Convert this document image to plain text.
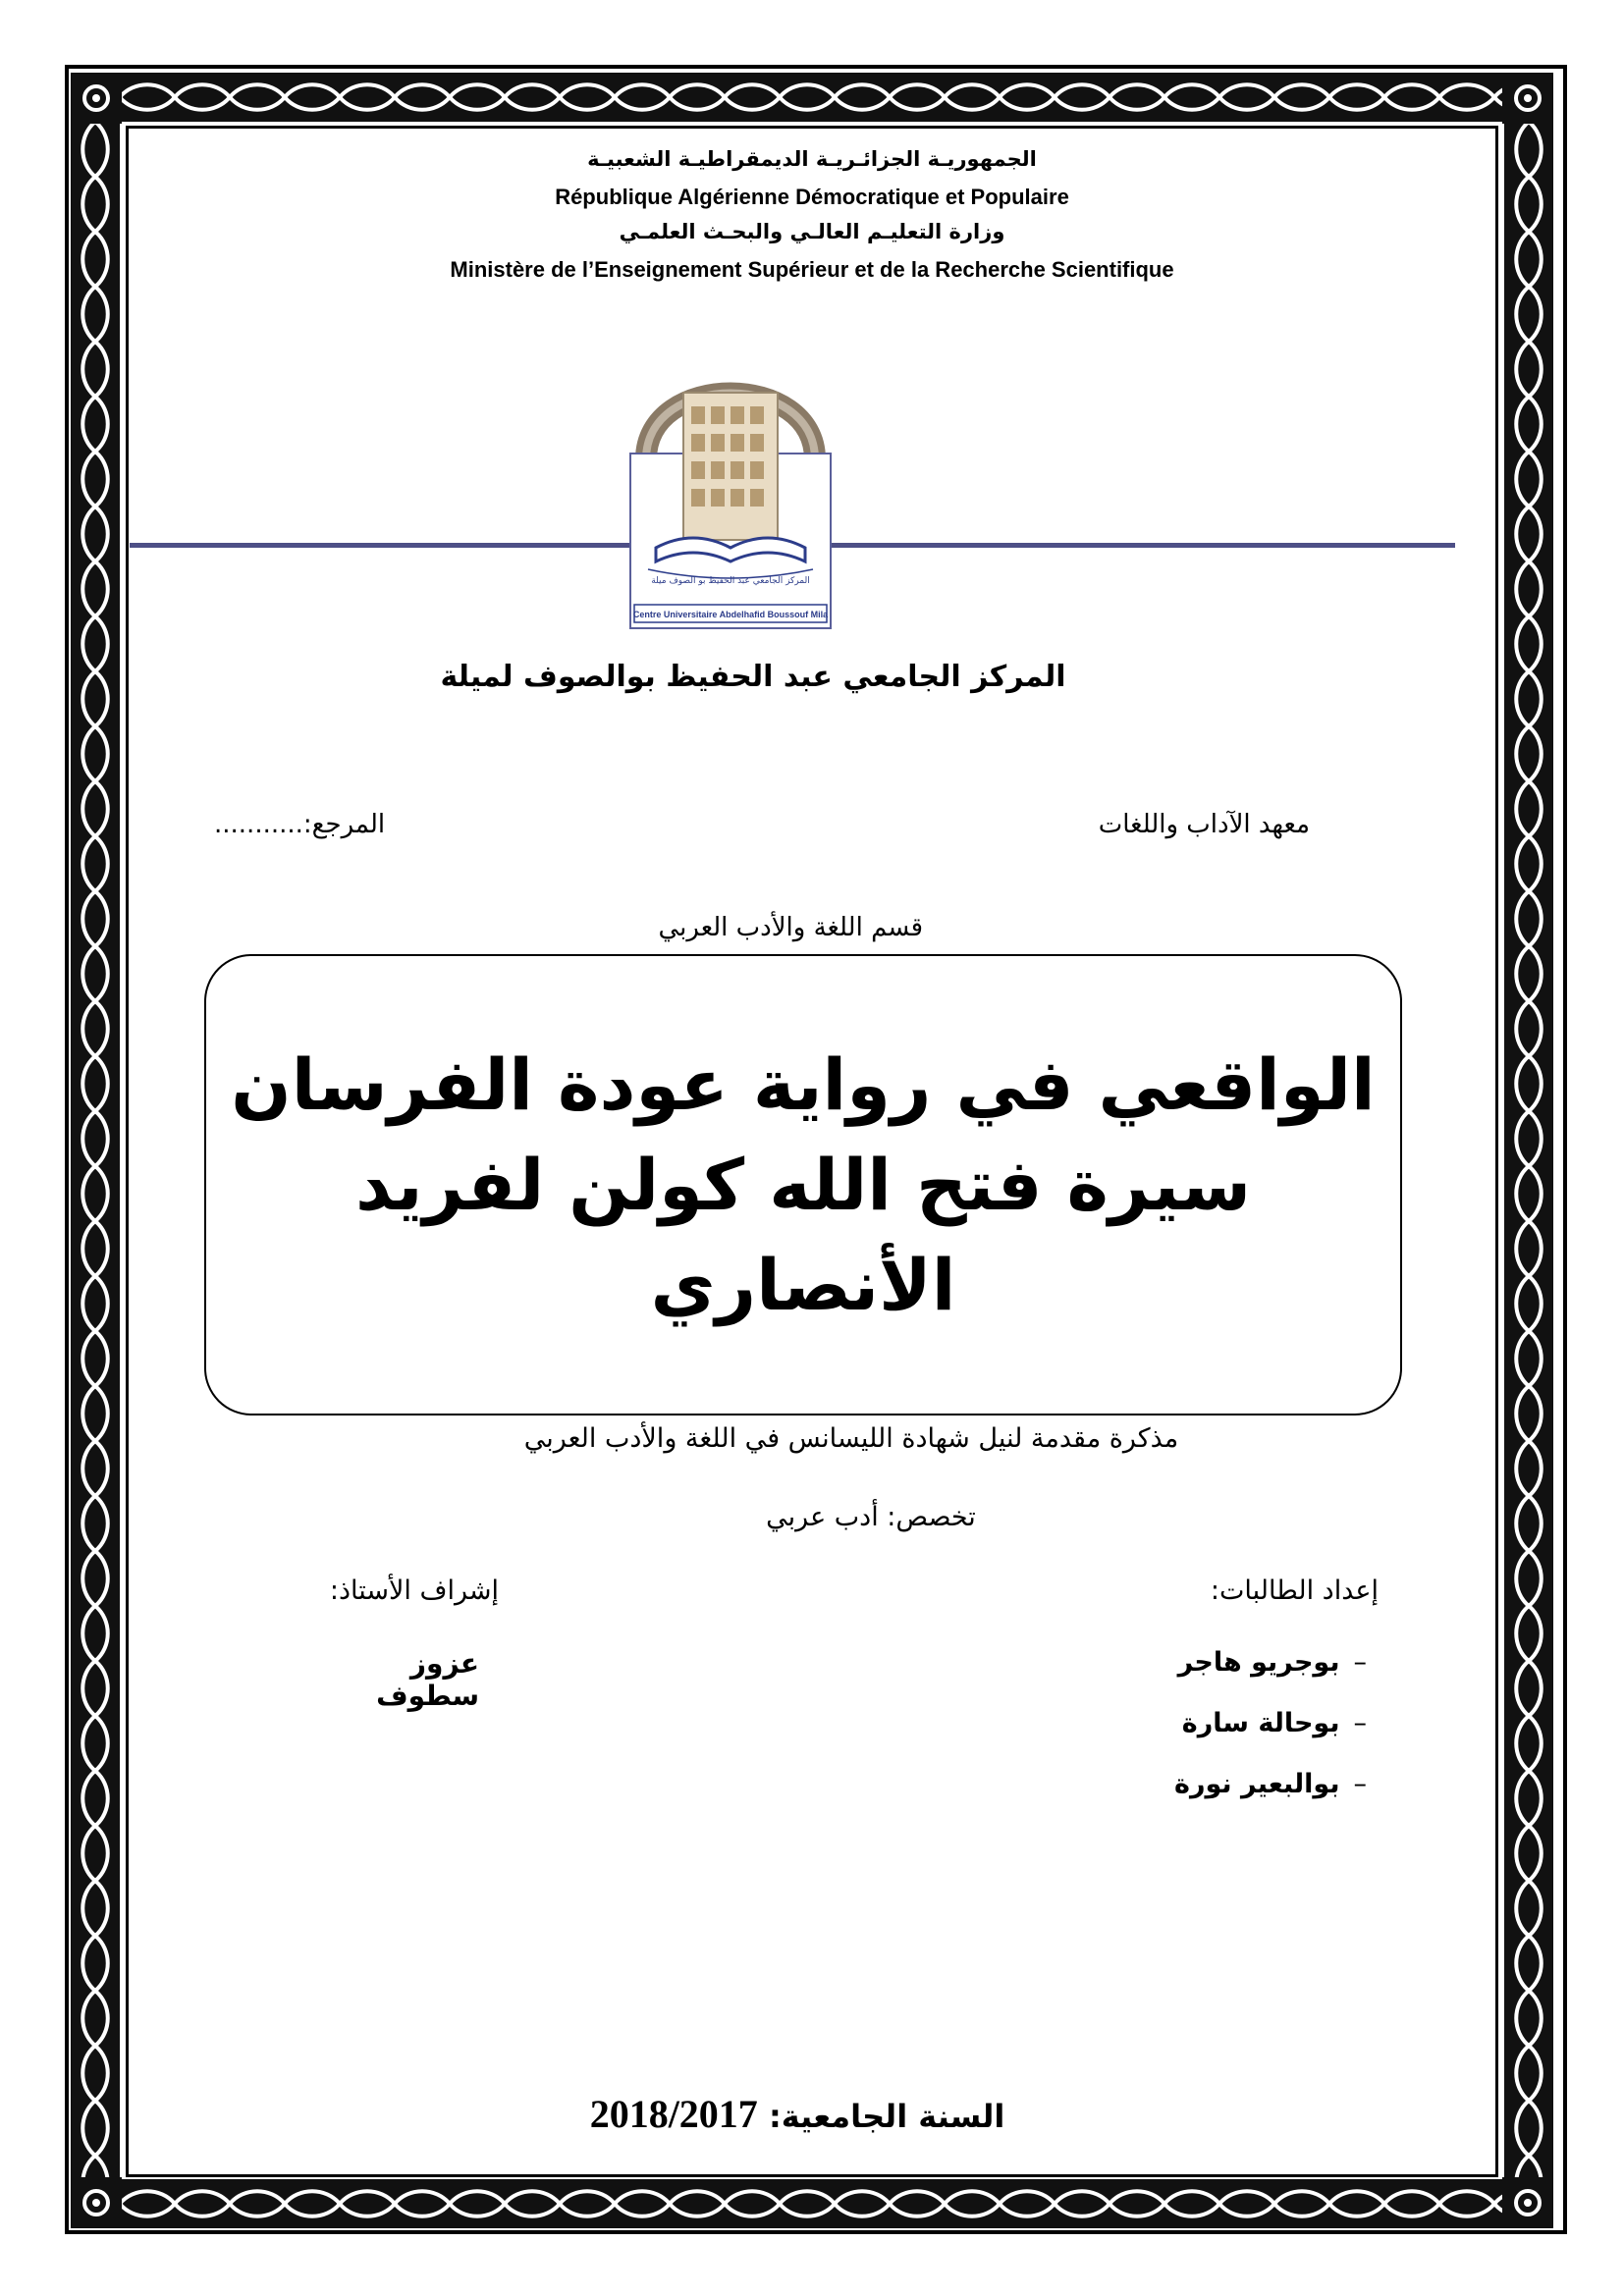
الجمهوريـة الجزائـريـة الديمقراطيـة الشعبيـة
République Algérienne Démocratique et Populaire
وزارة التعليـم العالـي والبحـث العلمـي
Ministère de l’Enseignement Supérieur et de la Recherche Scientifique
المركز الجامعي عبد الحفيظ بو الصوف ميلة
Centre Universitaire Abdelhafid Boussouf Mila
المركز الجامعي عبد الحفيظ بوالصوف لميلة
معهد الآداب واللغات
المرجع:...........
قسم اللغة والأدب العربي
الواقعي في رواية عودة الفرسان
سيرة فتح الله كولن لفريد
الأنصاري
مذكرة مقدمة لنيل شهادة الليسانس في اللغة والأدب العربي
تخصص: أدب عربي
إعداد الطالبات:
إشراف الأستاذ:
–بوجريو هاجر
–بوحالة سارة
–بوالبعير نورة
عزوز سطوف
السنة الجامعية: 2018/2017
